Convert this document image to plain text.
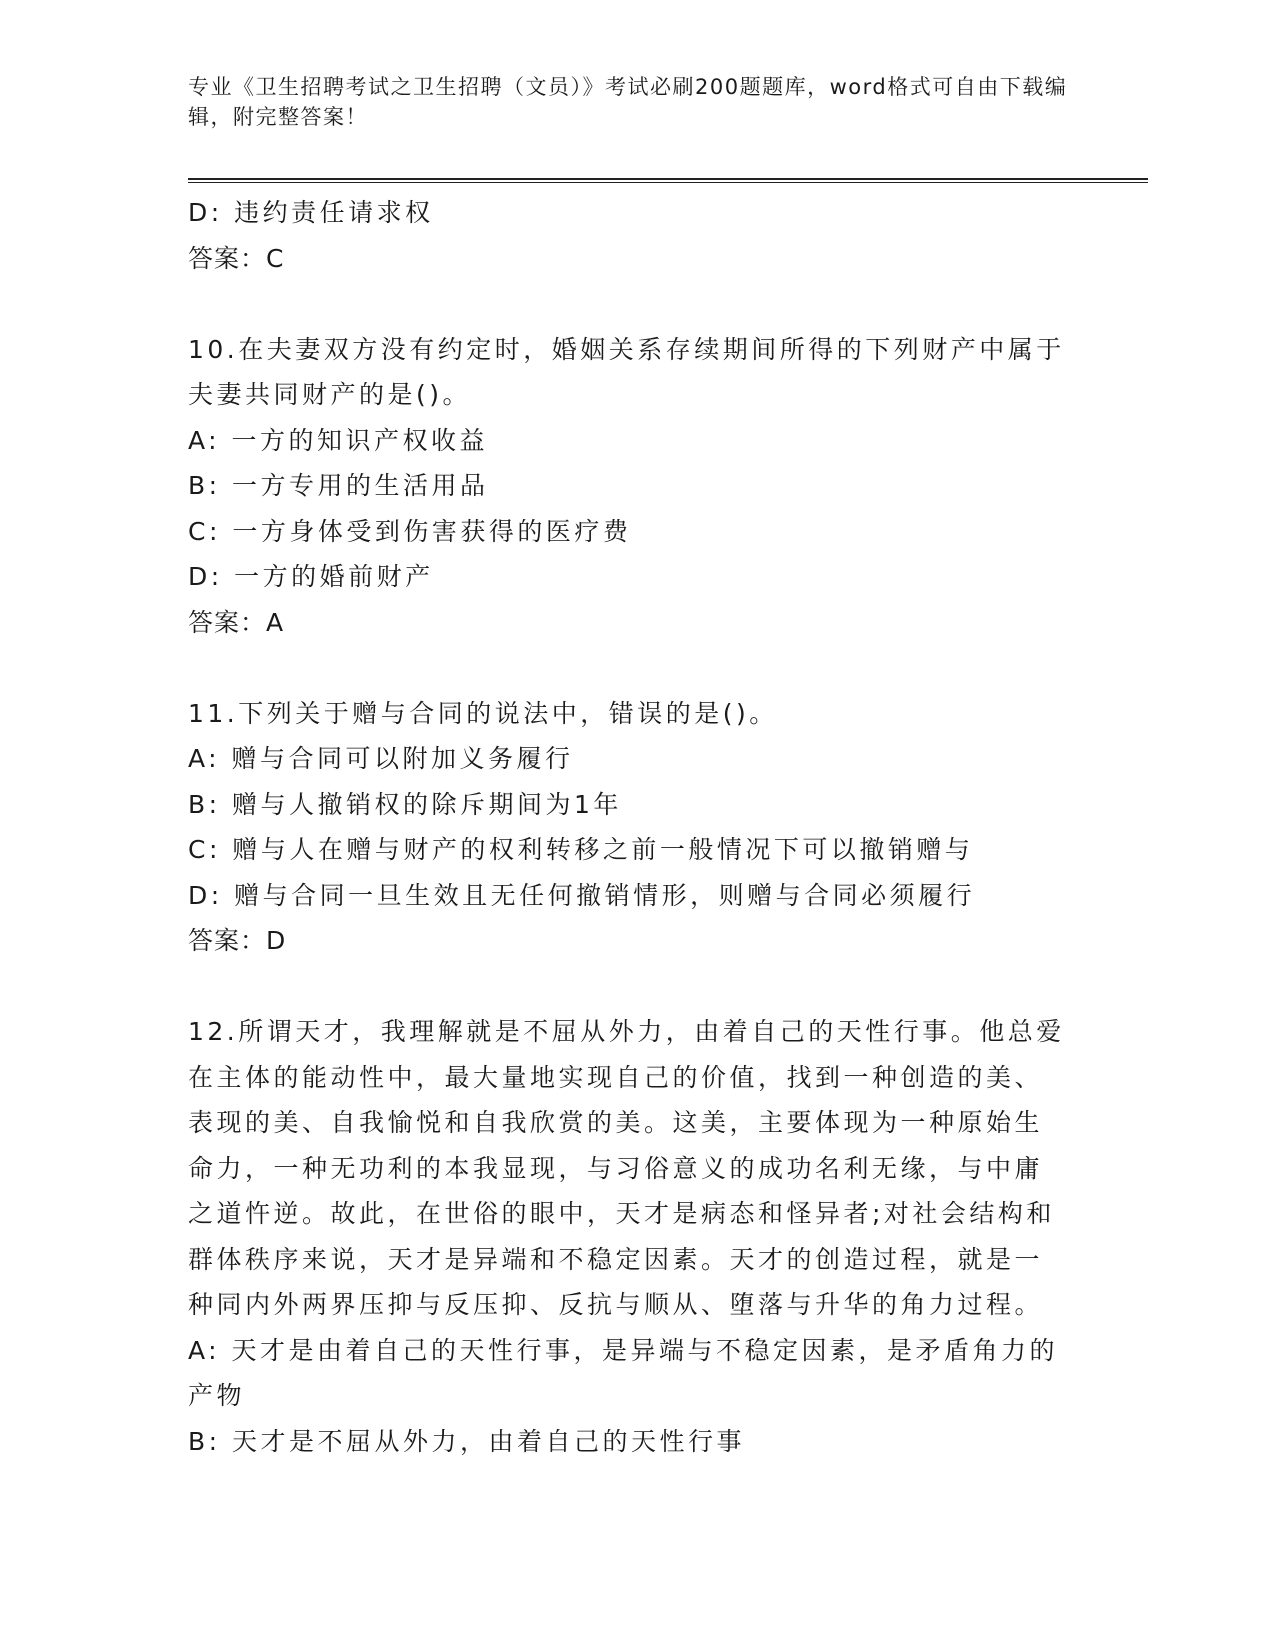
专业《卫生招聘考试之卫生招聘（文员）》考试必刷200题题库，word格式可自由下载编辑，附完整答案！
D: 违约责任请求权
答案：C
10.在夫妻双方没有约定时，婚姻关系存续期间所得的下列财产中属于夫妻共同财产的是()。
A: 一方的知识产权收益
B: 一方专用的生活用品
C: 一方身体受到伤害获得的医疗费
D: 一方的婚前财产
答案：A
11.下列关于赠与合同的说法中，错误的是()。
A: 赠与合同可以附加义务履行
B: 赠与人撤销权的除斥期间为1年
C: 赠与人在赠与财产的权利转移之前一般情况下可以撤销赠与
D: 赠与合同一旦生效且无任何撤销情形，则赠与合同必须履行
答案：D
12.所谓天才，我理解就是不屈从外力，由着自己的天性行事。他总爱在主体的能动性中，最大量地实现自己的价值，找到一种创造的美、表现的美、自我愉悦和自我欣赏的美。这美，主要体现为一种原始生命力，一种无功利的本我显现，与习俗意义的成功名利无缘，与中庸之道忤逆。故此，在世俗的眼中，天才是病态和怪异者;对社会结构和群体秩序来说，天才是异端和不稳定因素。天才的创造过程，就是一种同内外两界压抑与反压抑、反抗与顺从、堕落与升华的角力过程。
A: 天才是由着自己的天性行事，是异端与不稳定因素，是矛盾角力的产物
B: 天才是不屈从外力，由着自己的天性行事
